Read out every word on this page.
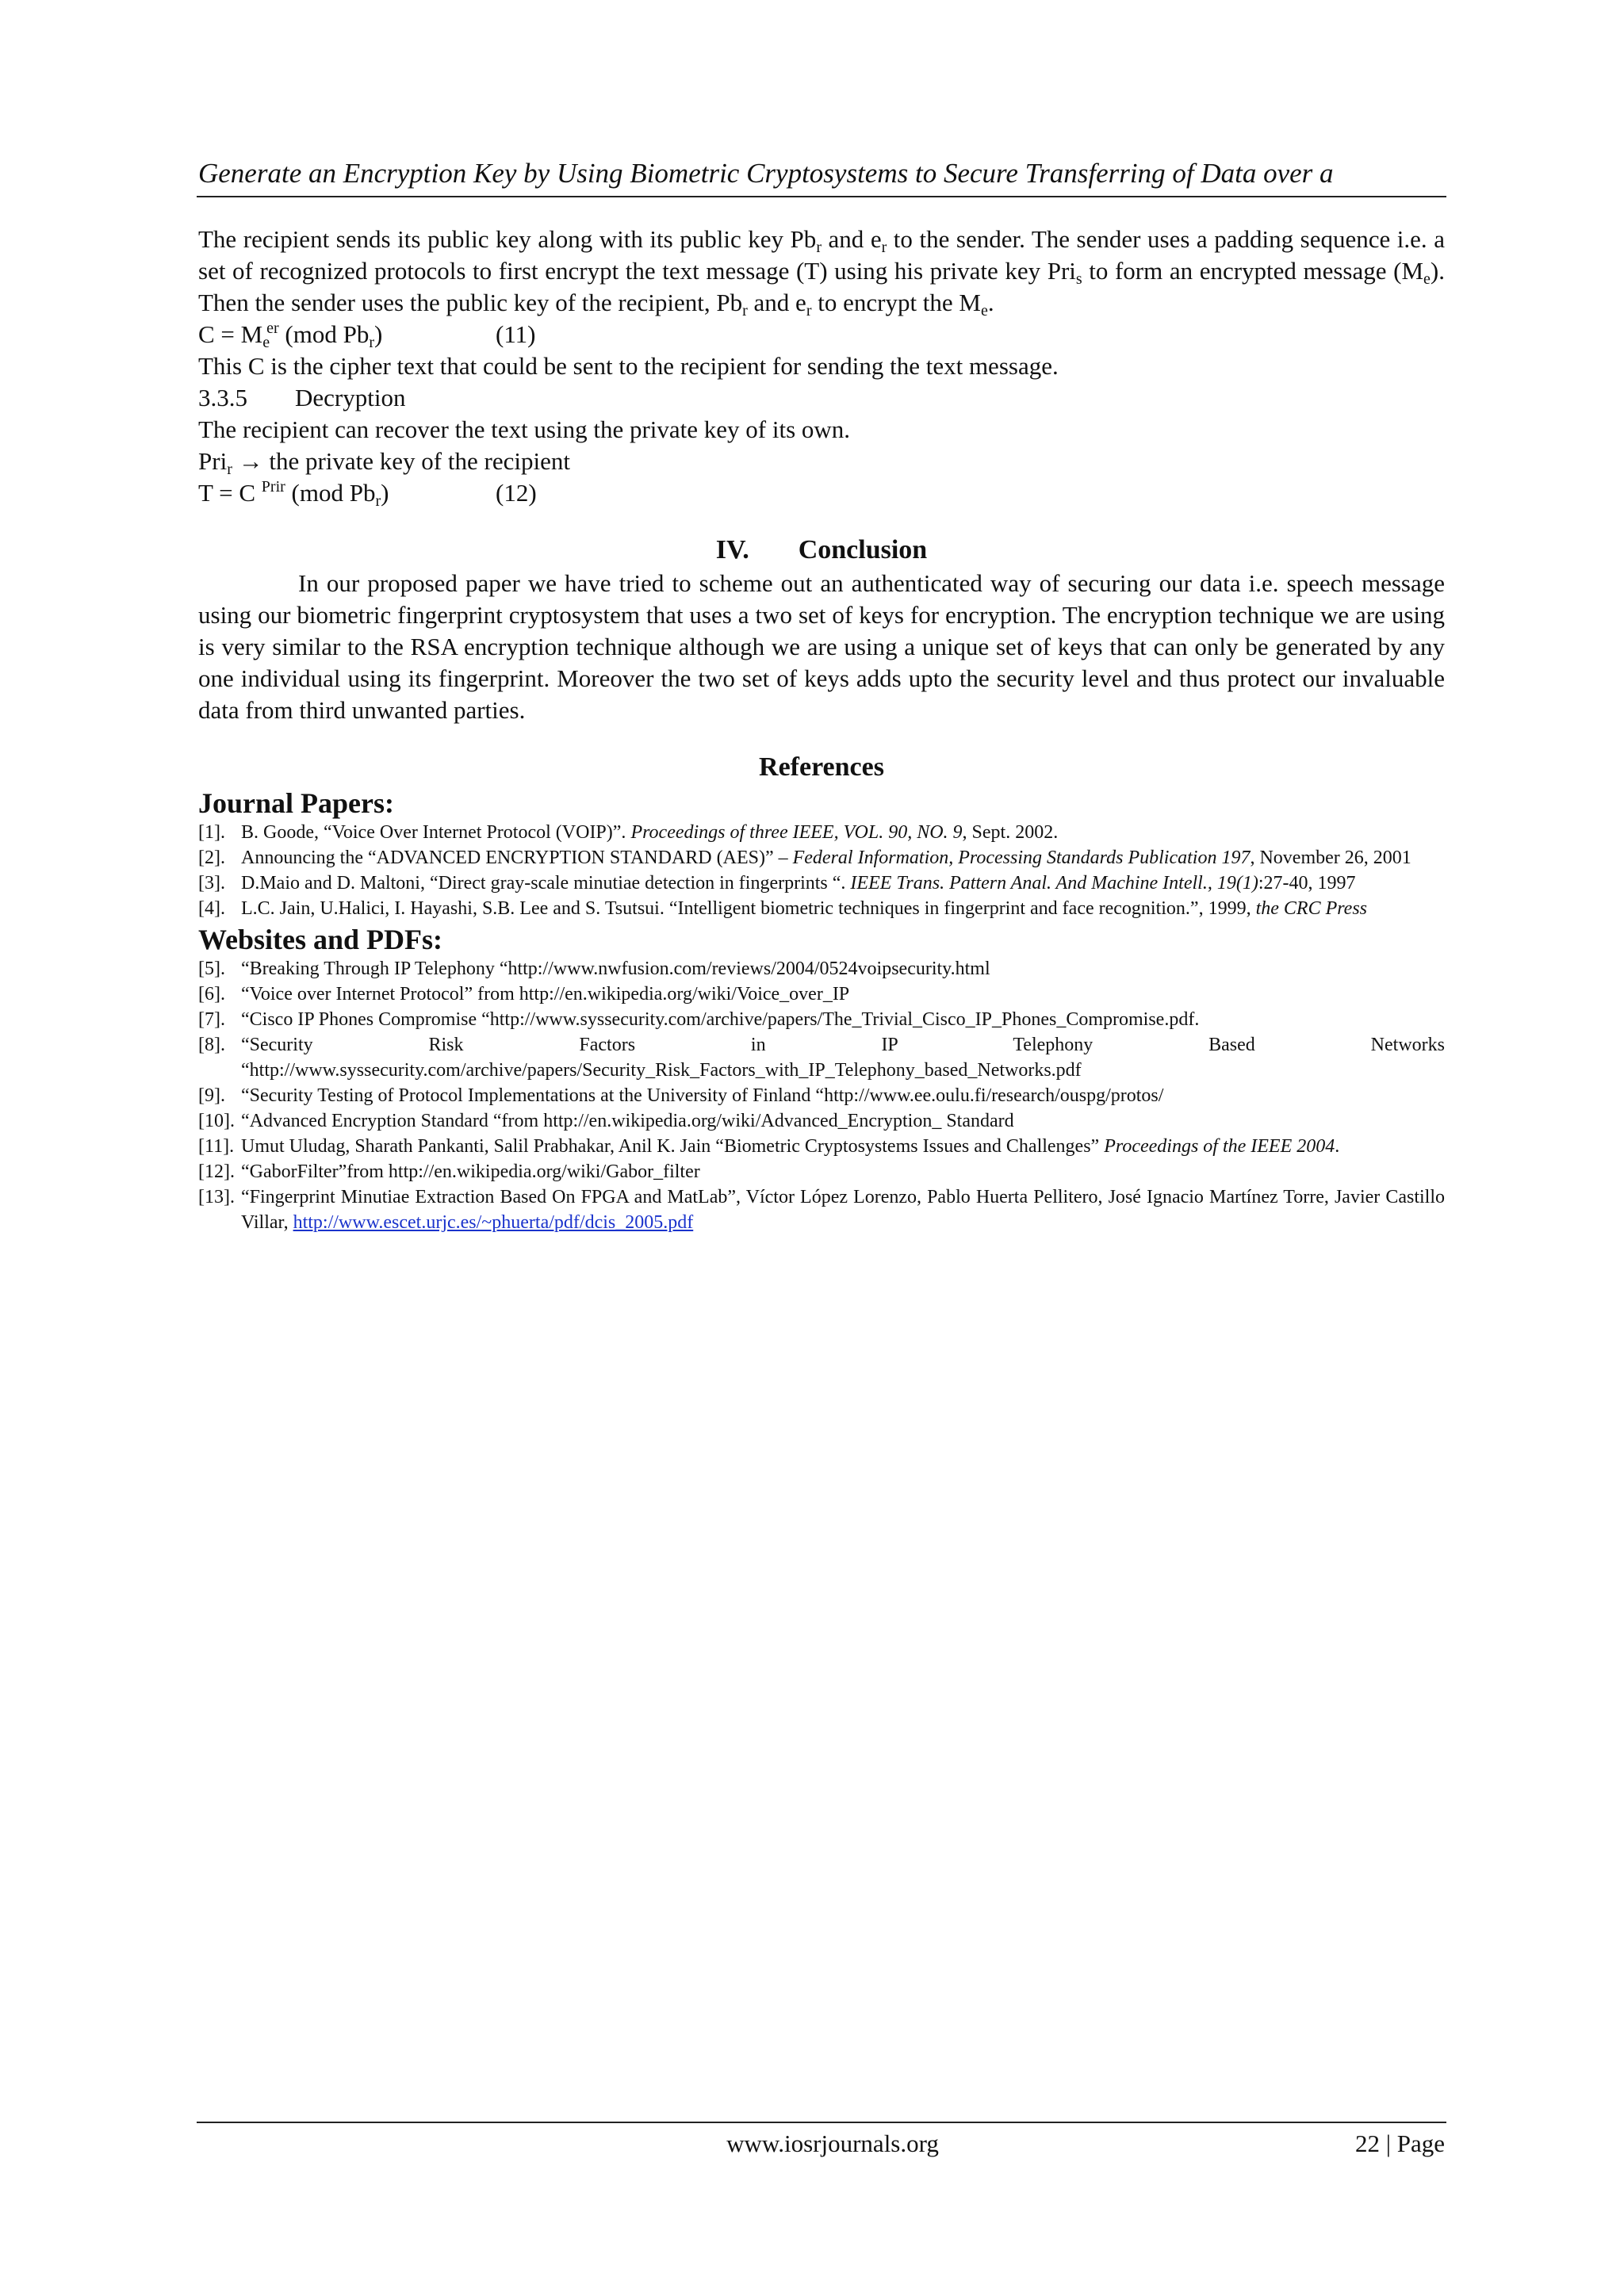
Generate an Encryption Key by Using Biometric Cryptosystems to Secure Transferring of Data over a
The recipient sends its public key along with its public key $Pb_r$ and $e_r$ to the sender. The sender uses a padding sequence i.e. a set of recognized protocols to first encrypt the text message (T) using his private key Pri$_s$ to form an encrypted message $(M_e)$. Then the sender uses the public key of the recipient, $Pb_r$ and $e_r$ to encrypt the $M_e$.
$C = M_eer$ (mod $Pb_r$)	(11)
This C is the cipher text that could be sent to the recipient for sending the text message.
3.3.5 Decryption
The recipient can recover the text using the private key of its own.
Pri$_r$ → the private key of the recipient
T = C $^{Prir}$ (mod $Pb_r$)	(12)
IV. Conclusion
In our proposed paper we have tried to scheme out an authenticated way of securing our data i.e. speech message using our biometric fingerprint cryptosystem that uses a two set of keys for encryption. The encryption technique we are using is very similar to the RSA encryption technique although we are using a unique set of keys that can only be generated by any one individual using its fingerprint. Moreover the two set of keys adds upto the security level and thus protect our invaluable data from third unwanted parties.
References
Journal Papers:
[1]. B. Goode, “Voice Over Internet Protocol (VOIP)”. Proceedings of three IEEE, VOL. 90, NO. 9, Sept. 2002.
[2]. Announcing the “ADVANCED ENCRYPTION STANDARD (AES)” – Federal Information, Processing Standards Publication 197, November 26, 2001
[3]. D.Maio and D. Maltoni, “Direct gray-scale minutiae detection in fingerprints “. IEEE Trans. Pattern Anal. And Machine Intell., 19(1):27-40, 1997
[4]. L.C. Jain, U.Halici, I. Hayashi, S.B. Lee and S. Tsutsui. “Intelligent biometric techniques in fingerprint and face recognition.”, 1999, the CRC Press
Websites and PDFs:
[5]. “Breaking Through IP Telephony “http://www.nwfusion.com/reviews/2004/0524voipsecurity.html
[6]. “Voice over Internet Protocol” from http://en.wikipedia.org/wiki/Voice_over_IP
[7]. “Cisco IP Phones Compromise “http://www.syssecurity.com/archive/papers/The_Trivial_Cisco_IP_Phones_Compromise.pdf.
[8]. “Security Risk Factors in IP Telephony Based Networks
“http://www.syssecurity.com/archive/papers/Security_Risk_Factors_with_IP_Telephony_based_Networks.pdf
[9]. “Security Testing of Protocol Implementations at the University of Finland “http://www.ee.oulu.fi/research/ouspg/protos/
[10]. “Advanced Encryption Standard “from http://en.wikipedia.org/wiki/Advanced_Encryption_ Standard
[11]. Umut Uludag, Sharath Pankanti, Salil Prabhakar, Anil K. Jain “Biometric Cryptosystems Issues and Challenges” Proceedings of the IEEE 2004.
[12]. “GaborFilter”from http://en.wikipedia.org/wiki/Gabor_filter
[13]. “Fingerprint Minutiae Extraction Based On FPGA and MatLab”, Víctor López Lorenzo, Pablo Huerta Pellitero, José Ignacio Martínez Torre, Javier Castillo Villar, http://www.escet.urjc.es/~phuerta/pdf/dcis_2005.pdf
www.iosrjournals.org	22 | Page
